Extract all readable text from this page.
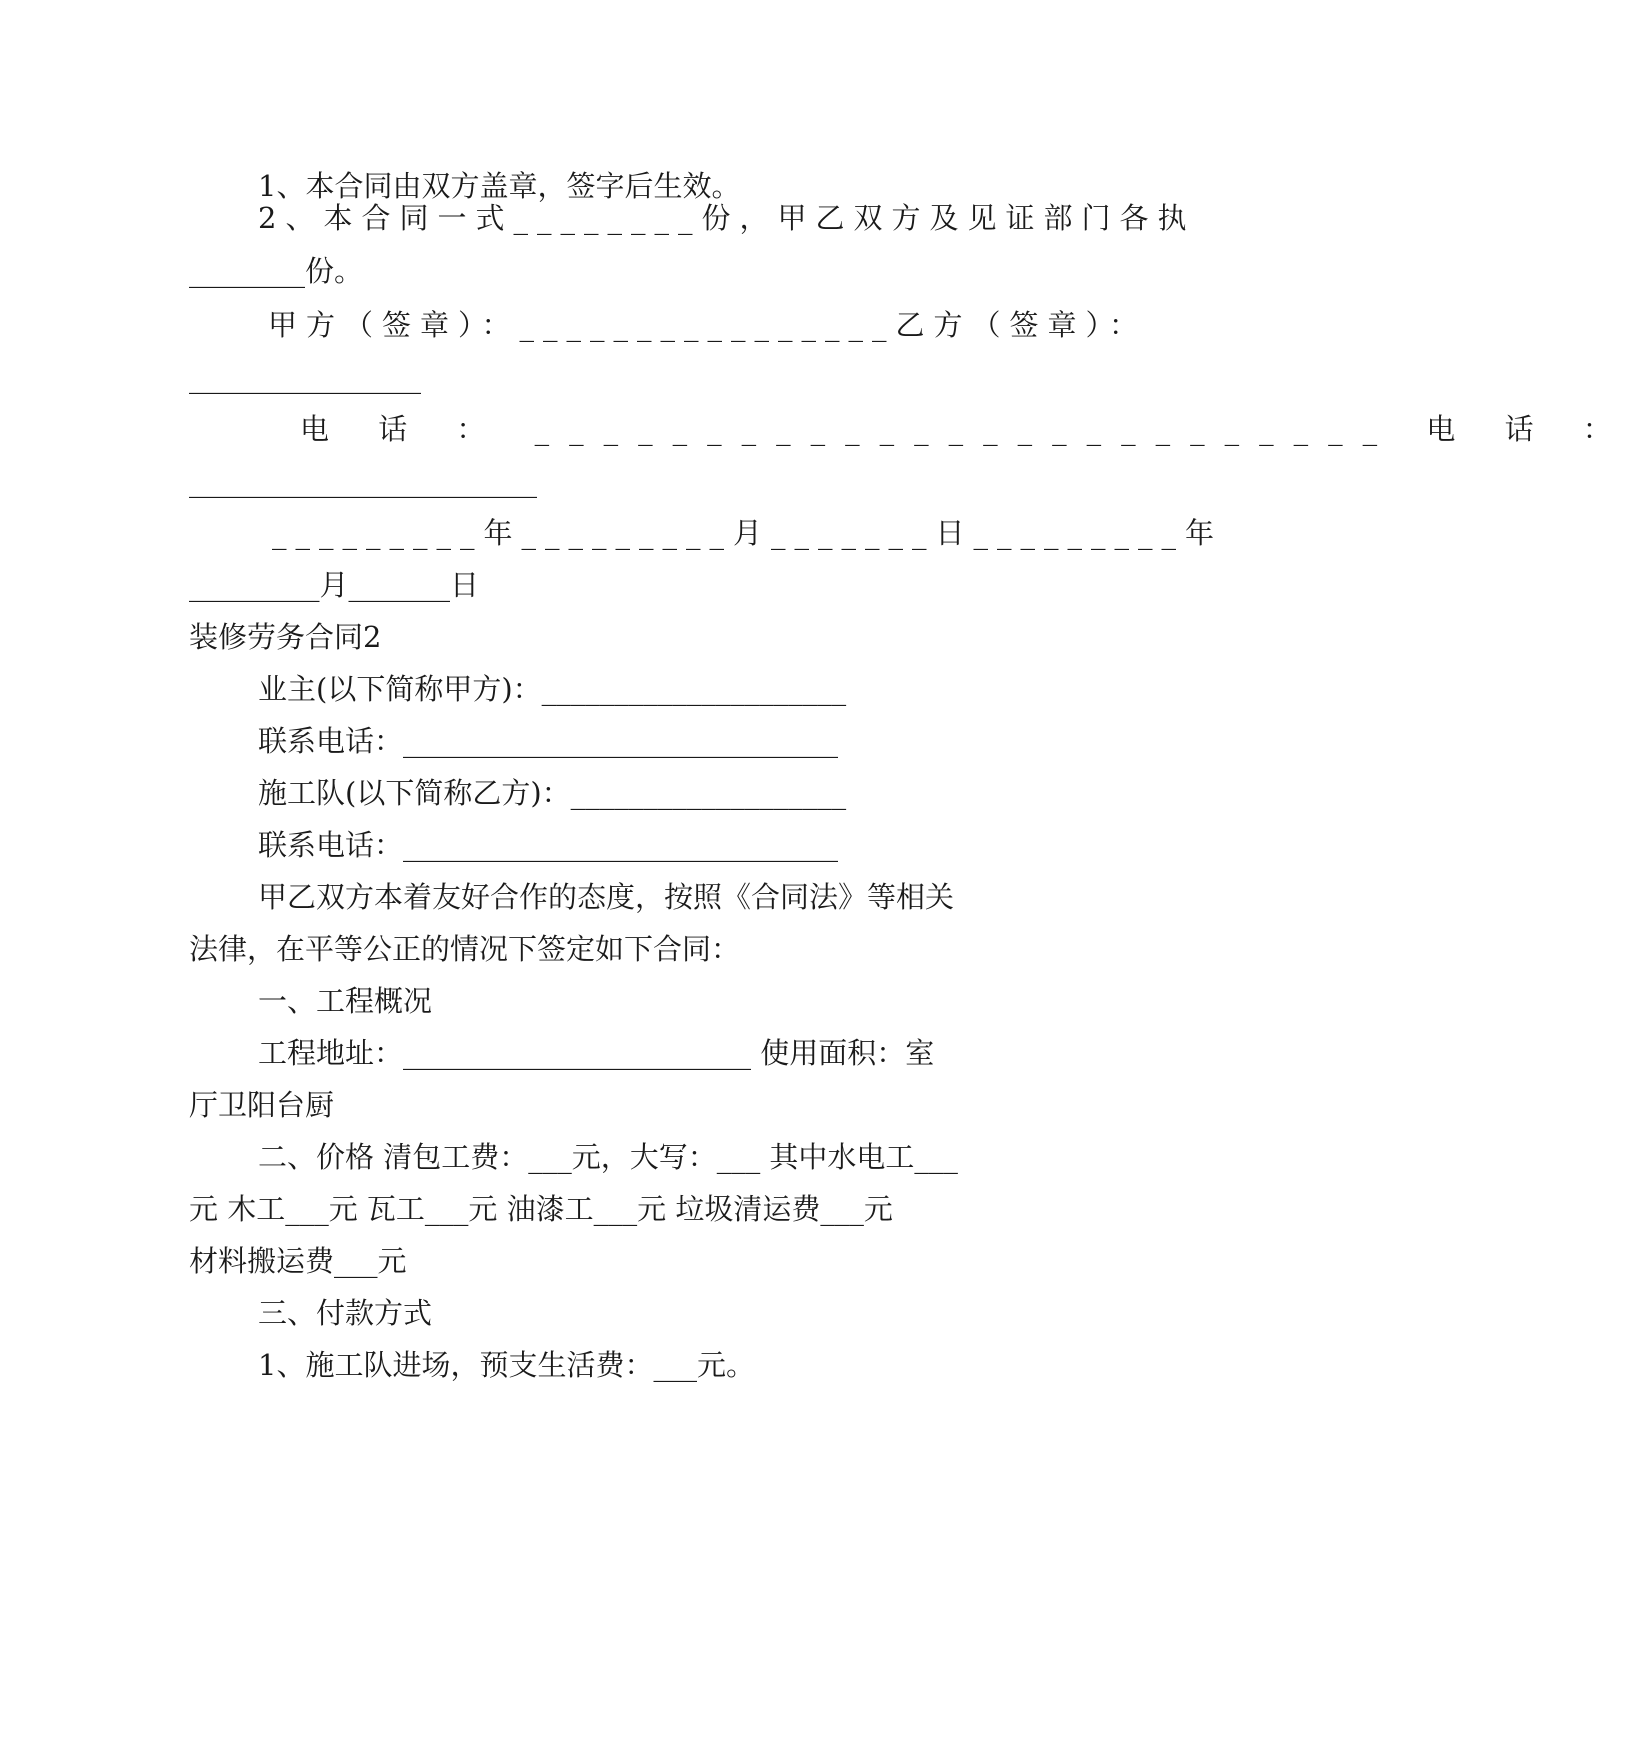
1、本合同由双方盖章，签字后生效。
2、本合同一式________份，甲乙双方及见证部门各执
________份。
甲方（签章）：________________乙方（签章）：
________________
电 话 ： _________________________ 电 话 ：
________________________
_________年_________月_______日_________年
_________月_______日
装修劳务合同2
业主(以下简称甲方)：_____________________
联系电话：______________________________
施工队(以下简称乙方)：___________________
联系电话：______________________________
甲乙双方本着友好合作的态度，按照《合同法》等相关
法律，在平等公正的情况下签定如下合同：
一、工程概况
工程地址：________________________ 使用面积：室
厅卫阳台厨
二、价格 清包工费：___元，大写：___ 其中水电工___
元 木工___元 瓦工___元 油漆工___元 垃圾清运费___元
材料搬运费___元
三、付款方式
1、施工队进场，预支生活费：___元。
